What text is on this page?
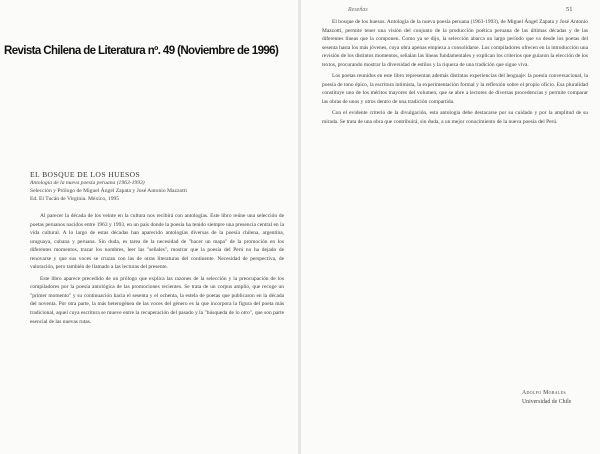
Revista Chilena de Literatura nº. 49 (Noviembre de 1996)
EL BOSQUE DE LOS HUESOS
Antología de la nueva poesía peruana (1963-1993)
Selección y Prólogo de Miguel Ángel Zapata y José Antonio Mazzotti
Ed. El Tucán de Virginia. México, 1995

Al parecer la década de los veinte en la cultura nos recibirá con antologías. Este libro reúne una selección de poetas peruanos nacidos entre 1963 y 1993, en un país donde la poesía ha tenido siempre una presencia central en la vida cultural. A lo largo de estas décadas han aparecido antologías diversas de la poesía chilena, argentina, uruguaya, cubana y peruana. Sin duda, es tarea de la necesidad de "hacer un mapa" de la promoción en los diferentes momentos, trazar los nombres, leer las "señales", mostrar que la poesía del Perú no ha dejado de renovarse y que sus voces se cruzan con las de otras literaturas del continente. Necesidad de perspectiva, de valoración, pero también de llamado a las lecturas del presente.

Este libro aparece precedido de un prólogo que explica las razones de la selección y la preocupación de los compiladores por la poesía antológica de las promociones recientes. Se trata de un corpus amplio, que recoge un "primer momento" y su continuación hacia el sesenta y el ochenta, la estela de poetas que publicaron en la década del noventa. Por otra parte, la más heterogénea de las voces del género es la que incorpora la figura del poeta más tradicional, aquel cuya escritura se mueve entre la recuperación del pasado y la "búsqueda de lo otro", que son parte esencial de las nuevas rutas.

Reseñas	51

El bosque de los huesos. Antología de la nueva poesía peruana (1963-1993), de Miguel Ángel Zapata y José Antonio Mazzotti, permite tener una visión del conjunto de la producción poética peruana de las últimas décadas y de las diferentes líneas que la componen. Como ya se dijo, la selección abarca un largo período que va desde los poetas del sesenta hasta los más jóvenes, cuya obra apenas empieza a consolidarse. Los compiladores ofrecen en la introducción una revisión de los distintos momentos, señalan las líneas fundamentales y explican los criterios que guiaron la elección de los textos, procurando mostrar la diversidad de estilos y la riqueza de una tradición que sigue viva.

Los poetas reunidos en este libro representan además distintas experiencias del lenguaje: la poesía conversacional, la poesía de tono épico, la escritura intimista, la experimentación formal y la reflexión sobre el propio oficio. Esa pluralidad constituye uno de los méritos mayores del volumen, que se abre a lectores de diversas procedencias y permite comparar las obras de unos y otros dentro de una tradición compartida.

Con el evidente criterio de la divulgación, esta antología debe destacarse por su cuidado y por la amplitud de su mirada. Se trata de una obra que contribuirá, sin duda, a un mejor conocimiento de la nueva poesía del Perú.

Adolfo Morales
Universidad de Chile
